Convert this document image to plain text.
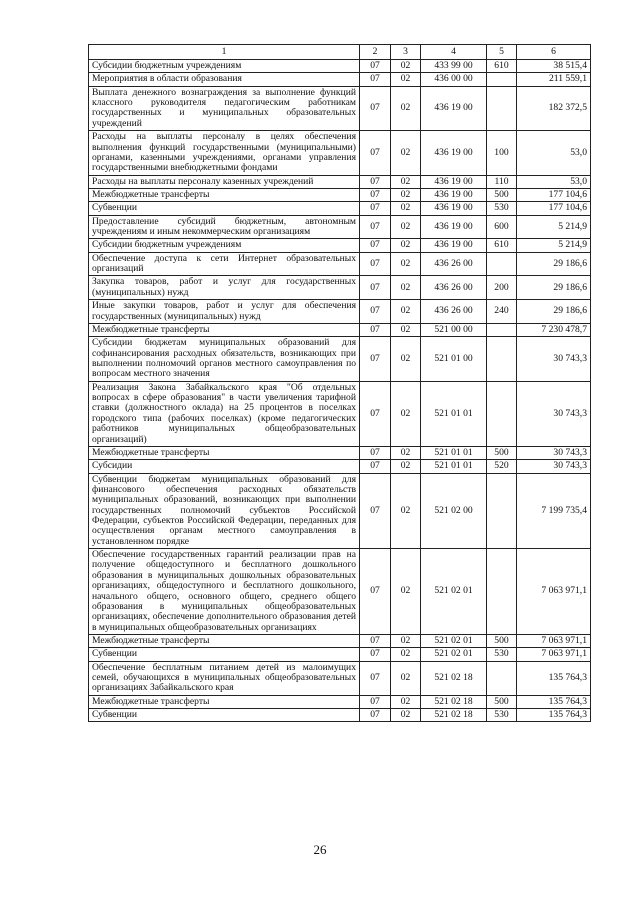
1	2	3	4	5	6
Субсидии бюджетным учреждениям	07	02	433 99 00	610	38 515,4
Мероприятия в области образования	07	02	436 00 00		211 559,1
Выплата денежного вознаграждения за выполнение функций классного руководителя педагогическим работникам государственных и муниципальных образовательных учреждений	07	02	436 19 00		182 372,5
Расходы на выплаты персоналу в целях обеспечения выполнения функций государственными (муниципальными) органами, казенными учреждениями, органами управления государственными внебюджетными фондами	07	02	436 19 00	100	53,0
Расходы на выплаты персоналу казенных учреждений	07	02	436 19 00	110	53,0
Межбюджетные трансферты	07	02	436 19 00	500	177 104,6
Субвенции	07	02	436 19 00	530	177 104,6
Предоставление субсидий бюджетным, автономным учреждениям и иным некоммерческим организациям	07	02	436 19 00	600	5 214,9
Субсидии бюджетным учреждениям	07	02	436 19 00	610	5 214,9
Обеспечение доступа к сети Интернет образовательных организаций	07	02	436 26 00		29 186,6
Закупка товаров, работ и услуг для государственных (муниципальных) нужд	07	02	436 26 00	200	29 186,6
Иные закупки товаров, работ и услуг для обеспечения государственных (муниципальных) нужд	07	02	436 26 00	240	29 186,6
Межбюджетные трансферты	07	02	521 00 00		7 230 478,7
Субсидии бюджетам муниципальных образований для софинансирования расходных обязательств, возникающих при выполнении полномочий органов местного самоуправления по вопросам местного значения	07	02	521 01 00		30 743,3
Реализация Закона Забайкальского края "Об отдельных вопросах в сфере образования" в части увеличения тарифной ставки (должностного оклада) на 25 процентов в поселках городского типа (рабочих поселках) (кроме педагогических работников муниципальных общеобразовательных организаций)	07	02	521 01 01		30 743,3
Межбюджетные трансферты	07	02	521 01 01	500	30 743,3
Субсидии	07	02	521 01 01	520	30 743,3
Субвенции бюджетам муниципальных образований для финансового обеспечения расходных обязательств муниципальных образований, возникающих при выполнении государственных полномочий субъектов Российской Федерации, субъектов Российской Федерации, переданных для осуществления органам местного самоуправления в установленном порядке	07	02	521 02 00		7 199 735,4
Обеспечение государственных гарантий реализации прав на получение общедоступного и бесплатного дошкольного образования в муниципальных дошкольных образовательных организациях, общедоступного и бесплатного дошкольного, начального общего, основного общего, среднего общего образования в муниципальных общеобразовательных организациях, обеспечение дополнительного образования детей в муниципальных общеобразовательных организациях	07	02	521 02 01		7 063 971,1
Межбюджетные трансферты	07	02	521 02 01	500	7 063 971,1
Субвенции	07	02	521 02 01	530	7 063 971,1
Обеспечение бесплатным питанием детей из малоимущих семей, обучающихся в муниципальных общеобразовательных организациях Забайкальского края	07	02	521 02 18		135 764,3
Межбюджетные трансферты	07	02	521 02 18	500	135 764,3
Субвенции	07	02	521 02 18	530	135 764,3
26
